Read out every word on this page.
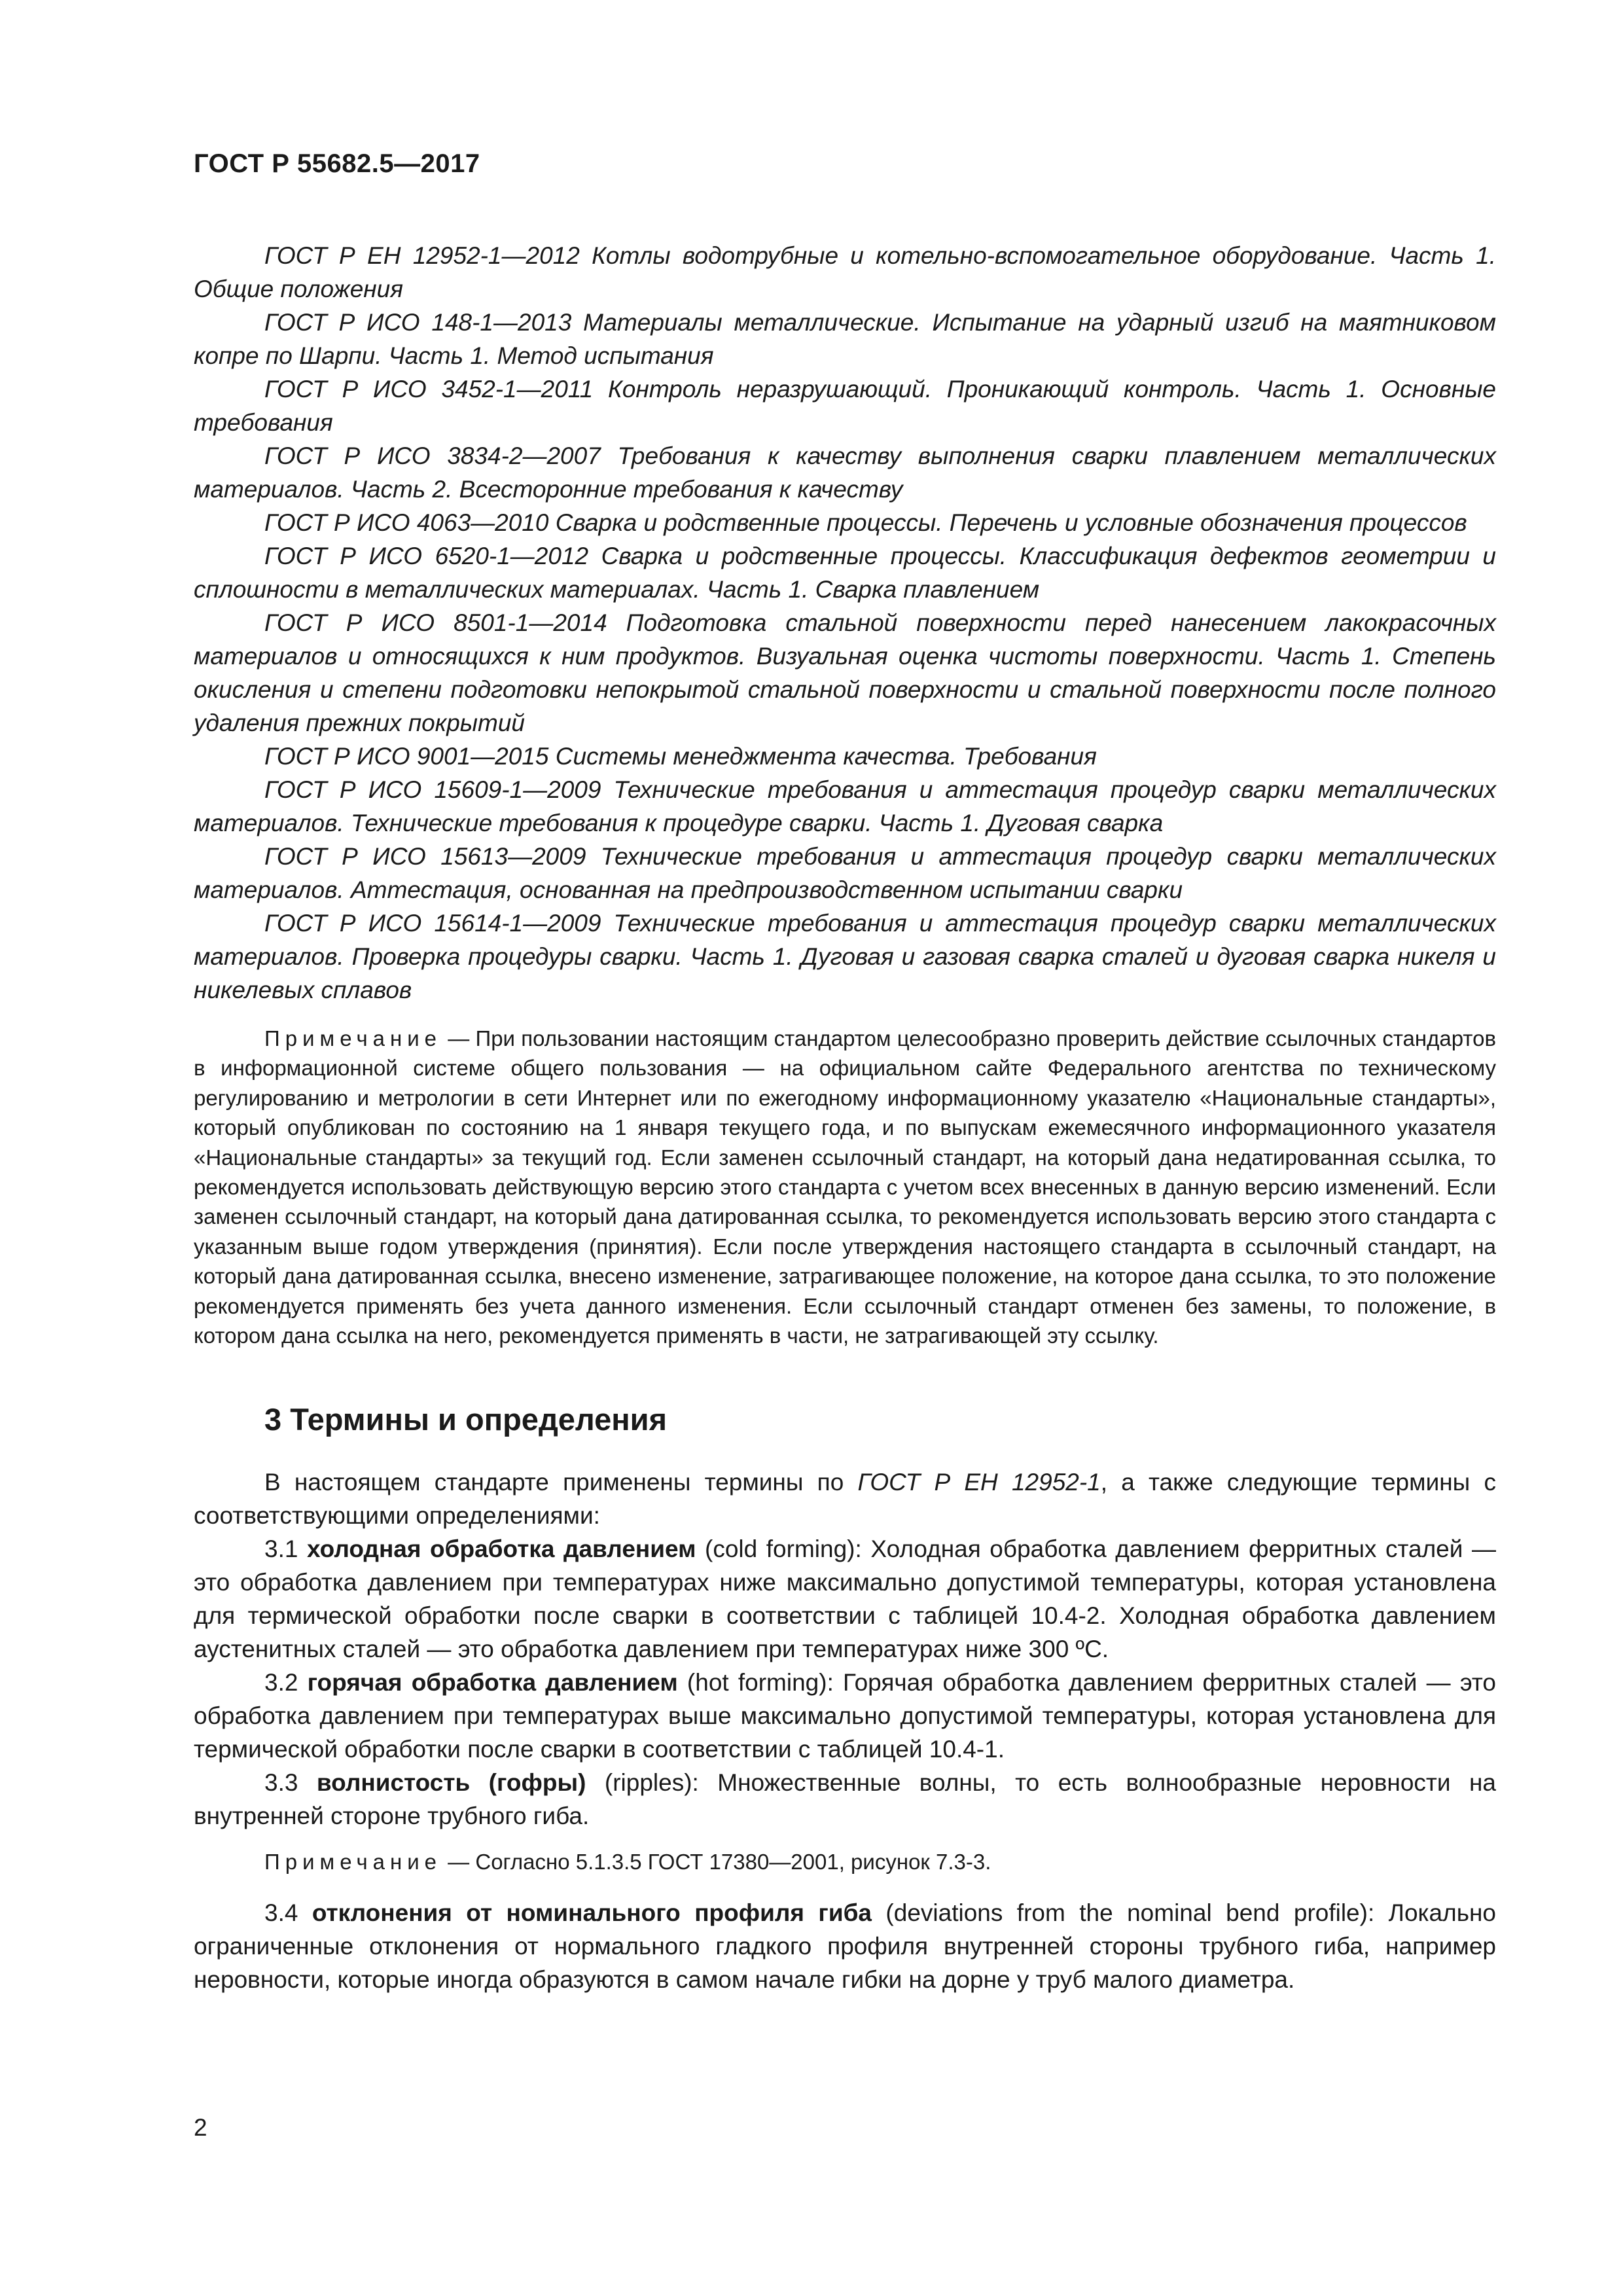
ГОСТ Р 55682.5—2017

ГОСТ Р ЕН 12952-1—2012 Котлы водотрубные и котельно-вспомогательное оборудование. Часть 1. Общие положения

ГОСТ Р ИСО 148-1—2013 Материалы металлические. Испытание на ударный изгиб на маятниковом копре по Шарпи. Часть 1. Метод испытания

ГОСТ Р ИСО 3452-1—2011 Контроль неразрушающий. Проникающий контроль. Часть 1. Основные требования

ГОСТ Р ИСО 3834-2—2007 Требования к качеству выполнения сварки плавлением металлических материалов. Часть 2. Всесторонние требования к качеству

ГОСТ Р ИСО 4063—2010 Сварка и родственные процессы. Перечень и условные обозначения процессов

ГОСТ Р ИСО 6520-1—2012 Сварка и родственные процессы. Классификация дефектов геометрии и сплошности в металлических материалах. Часть 1. Сварка плавлением

ГОСТ Р ИСО 8501-1—2014 Подготовка стальной поверхности перед нанесением лакокрасочных материалов и относящихся к ним продуктов. Визуальная оценка чистоты поверхности. Часть 1. Степень окисления и степени подготовки непокрытой стальной поверхности и стальной поверхности после полного удаления прежних покрытий

ГОСТ Р ИСО 9001—2015 Системы менеджмента качества. Требования

ГОСТ Р ИСО 15609-1—2009 Технические требования и аттестация процедур сварки металлических материалов. Технические требования к процедуре сварки. Часть 1. Дуговая сварка

ГОСТ Р ИСО 15613—2009 Технические требования и аттестация процедур сварки металлических материалов. Аттестация, основанная на предпроизводственном испытании сварки

ГОСТ Р ИСО 15614-1—2009 Технические требования и аттестация процедур сварки металлических материалов. Проверка процедуры сварки. Часть 1. Дуговая и газовая сварка сталей и дуговая сварка никеля и никелевых сплавов

Примечание — При пользовании настоящим стандартом целесообразно проверить действие ссылочных стандартов в информационной системе общего пользования — на официальном сайте Федерального агентства по техническому регулированию и метрологии в сети Интернет или по ежегодному информационному указателю «Национальные стандарты», который опубликован по состоянию на 1 января текущего года, и по выпускам ежемесячного информационного указателя «Национальные стандарты» за текущий год. Если заменен ссылочный стандарт, на который дана недатированная ссылка, то рекомендуется использовать действующую версию этого стандарта с учетом всех внесенных в данную версию изменений. Если заменен ссылочный стандарт, на который дана датированная ссылка, то рекомендуется использовать версию этого стандарта с указанным выше годом утверждения (принятия). Если после утверждения настоящего стандарта в ссылочный стандарт, на который дана датированная ссылка, внесено изменение, затрагивающее положение, на которое дана ссылка, то это положение рекомендуется применять без учета данного изменения. Если ссылочный стандарт отменен без замены, то положение, в котором дана ссылка на него, рекомендуется применять в части, не затрагивающей эту ссылку.

3 Термины и определения

В настоящем стандарте применены термины по ГОСТ Р ЕН 12952-1, а также следующие термины с соответствующими определениями:

3.1 холодная обработка давлением (cold forming): Холодная обработка давлением ферритных сталей — это обработка давлением при температурах ниже максимально допустимой температуры, которая установлена для термической обработки после сварки в соответствии с таблицей 10.4-2. Холодная обработка давлением аустенитных сталей — это обработка давлением при температурах ниже 300 ºС.

3.2 горячая обработка давлением (hot forming): Горячая обработка давлением ферритных сталей — это обработка давлением при температурах выше максимально допустимой температуры, которая установлена для термической обработки после сварки в соответствии с таблицей 10.4-1.

3.3 волнистость (гофры) (ripples): Множественные волны, то есть волнообразные неровности на внутренней стороне трубного гиба.

Примечание — Согласно 5.1.3.5 ГОСТ 17380—2001, рисунок 7.3-3.

3.4 отклонения от номинального профиля гиба (deviations from the nominal bend profile): Локально ограниченные отклонения от нормального гладкого профиля внутренней стороны трубного гиба, например неровности, которые иногда образуются в самом начале гибки на дорне у труб малого диаметра.

2
